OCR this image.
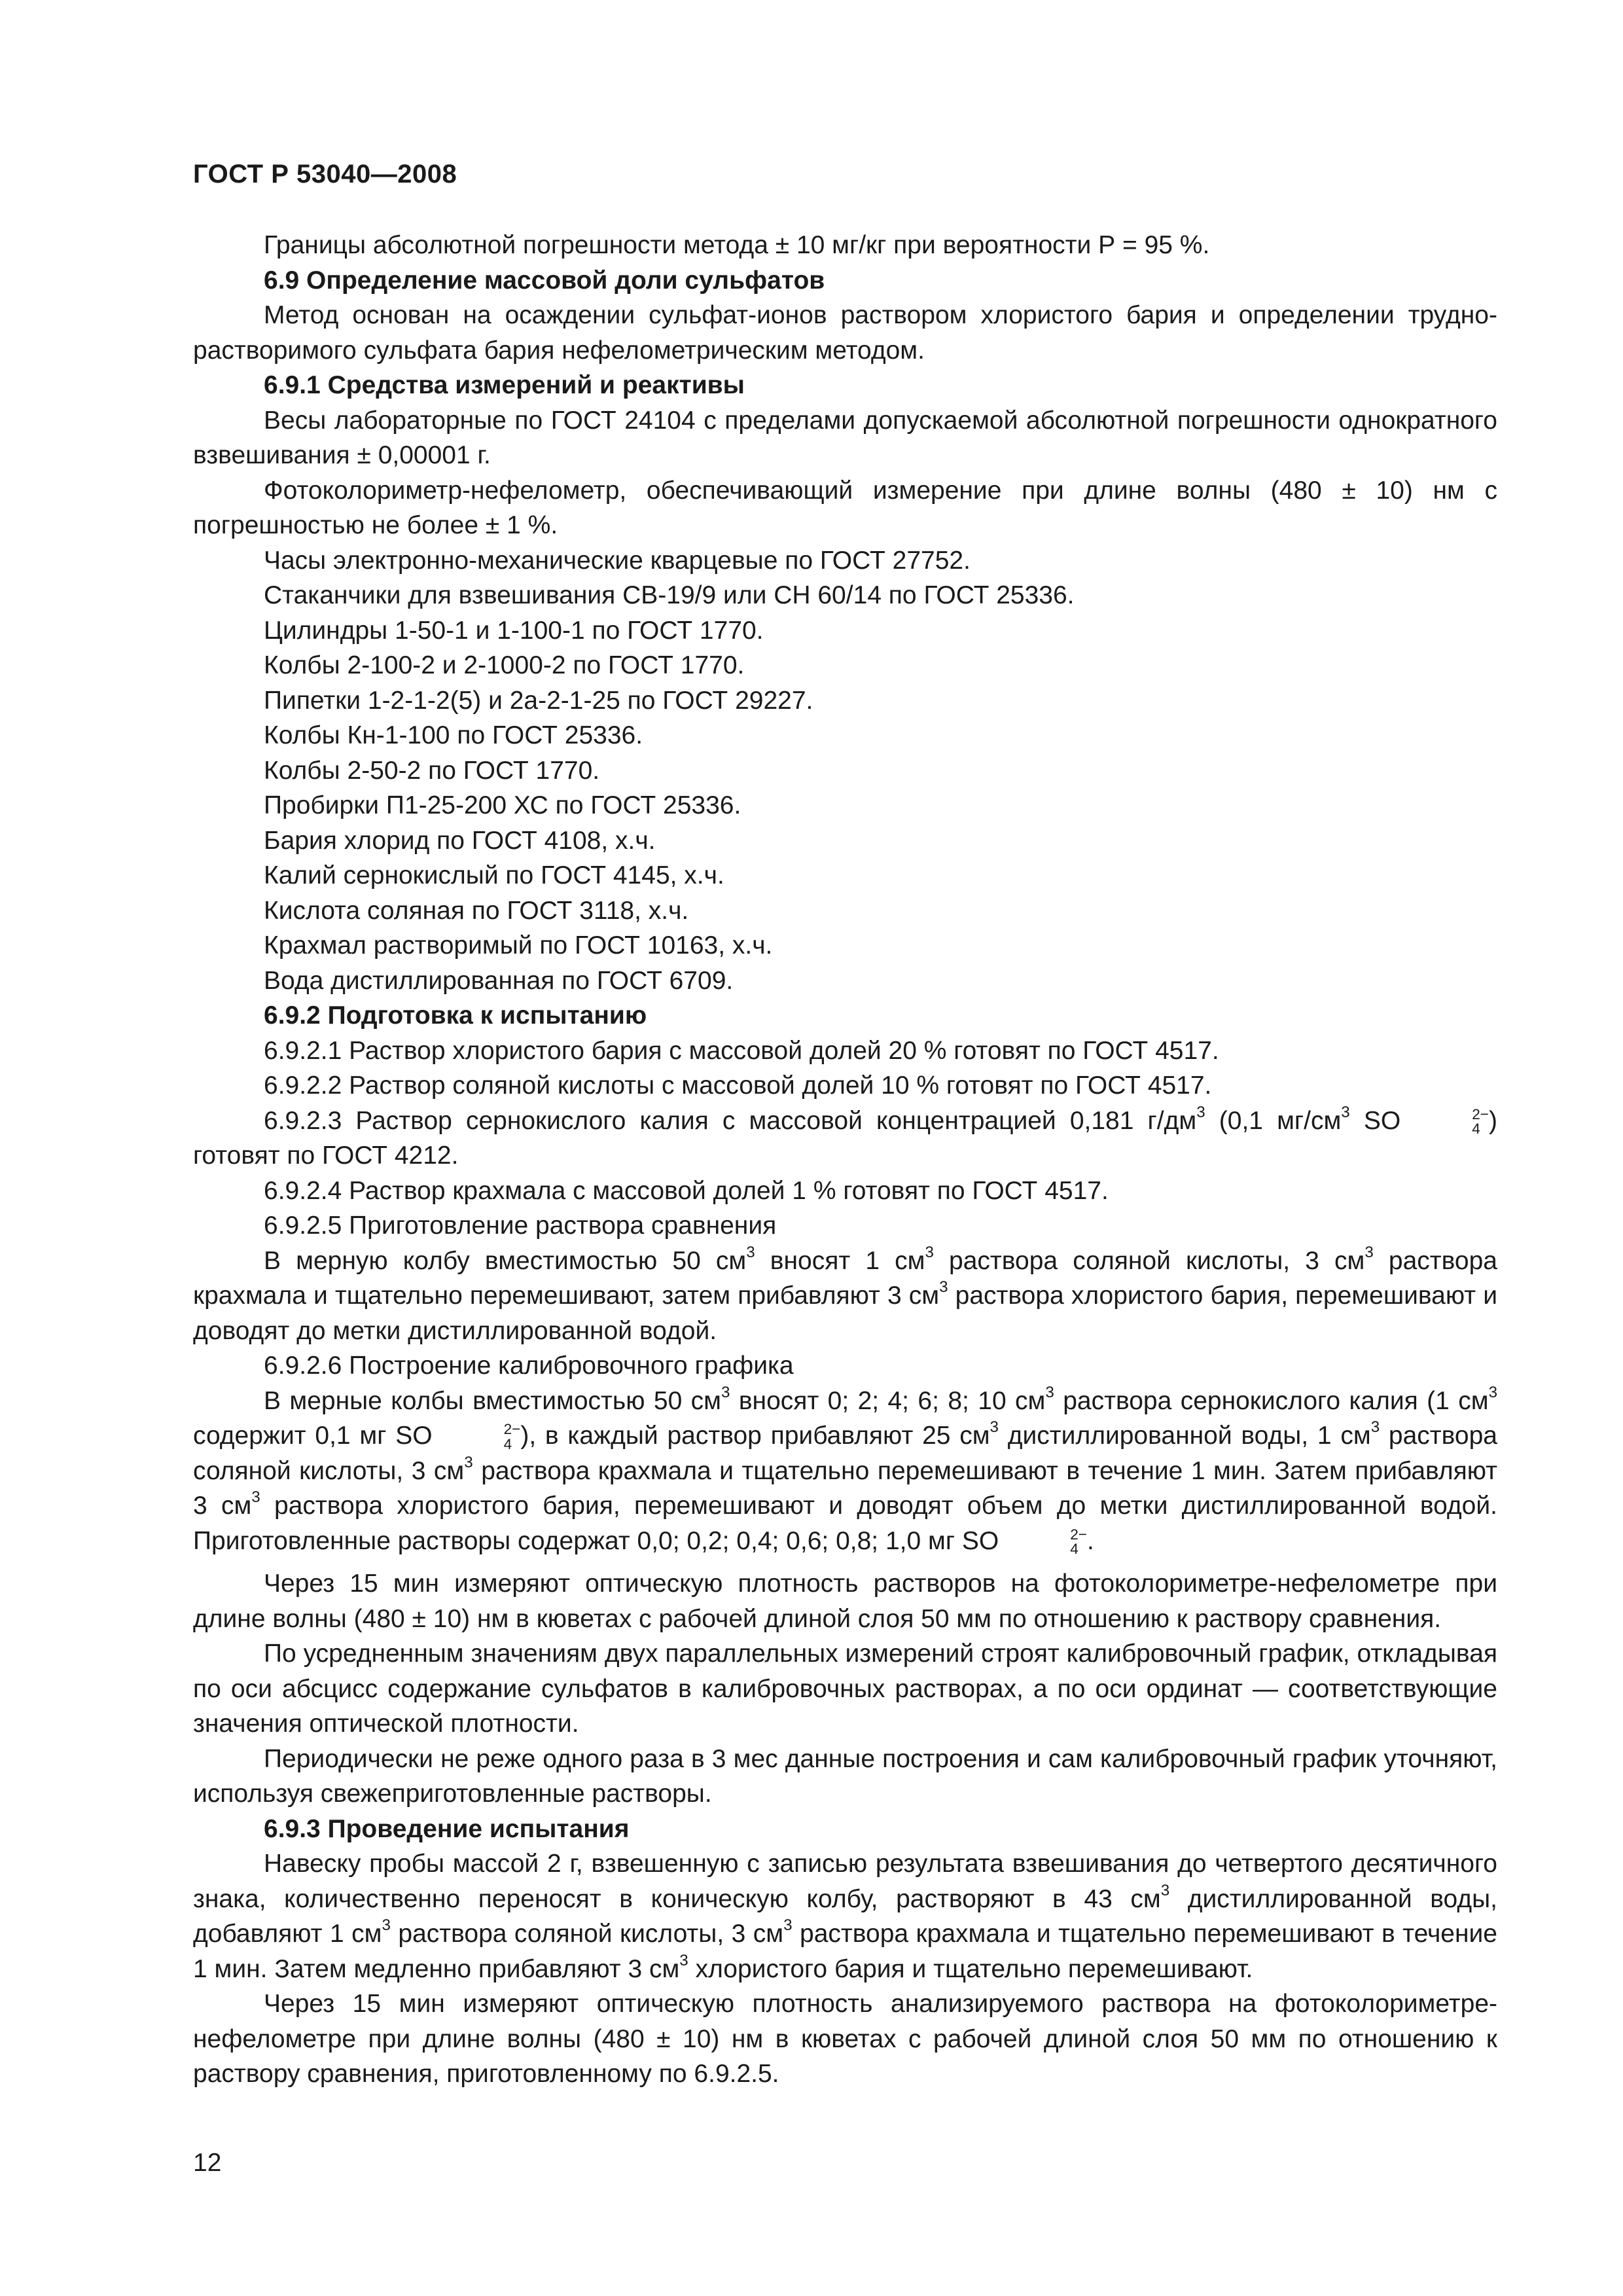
ГОСТ Р 53040—2008

Границы абсолютной погрешности метода ± 10 мг/кг при вероятности Р = 95 %.

6.9 Определение массовой доли сульфатов

Метод основан на осаждении сульфат-ионов раствором хлористого бария и определении трудно-растворимого сульфата бария нефелометрическим методом.

6.9.1 Средства измерений и реактивы

Весы лабораторные по ГОСТ 24104 с пределами допускаемой абсолютной погрешности однократного взвешивания ± 0,00001 г.

Фотоколориметр-нефелометр, обеспечивающий измерение при длине волны (480 ± 10) нм с погрешностью не более ± 1 %.

Часы электронно-механические кварцевые по ГОСТ 27752.

Стаканчики для взвешивания СВ-19/9 или СН 60/14 по ГОСТ 25336.

Цилиндры 1-50-1 и 1-100-1 по ГОСТ 1770.

Колбы 2-100-2 и 2-1000-2 по ГОСТ 1770.

Пипетки 1-2-1-2(5) и 2а-2-1-25 по ГОСТ 29227.

Колбы Кн-1-100 по ГОСТ 25336.

Колбы 2-50-2 по ГОСТ 1770.

Пробирки П1-25-200 ХС по ГОСТ 25336.

Бария хлорид по ГОСТ 4108, х.ч.

Калий сернокислый по ГОСТ 4145, х.ч.

Кислота соляная по ГОСТ 3118, х.ч.

Крахмал растворимый по ГОСТ 10163, х.ч.

Вода дистиллированная по ГОСТ 6709.

6.9.2 Подготовка к испытанию

6.9.2.1 Раствор хлористого бария с массовой долей 20 % готовят по ГОСТ 4517.

6.9.2.2 Раствор соляной кислоты с массовой долей 10 % готовят по ГОСТ 4517.

6.9.2.3 Раствор сернокислого калия с массовой концентрацией 0,181 $г/дм^3$ (0,1 $мг/см^3$ SO	2−
4 ) готовят по ГОСТ 4212.

6.9.2.4 Раствор крахмала с массовой долей 1 % готовят по ГОСТ 4517.

6.9.2.5 Приготовление раствора сравнения

В мерную колбу вместимостью 50 $см^3$ вносят 1 $см^3$ раствора соляной кислоты, 3 $см^3$ раствора крахмала и тщательно перемешивают, затем прибавляют 3 $см^3$ раствора хлористого бария, перемешивают и доводят до метки дистиллированной водой.

6.9.2.6 Построение калибровочного графика

В мерные колбы вместимостью 50 $см^3$ вносят 0; 2; 4; 6; 8; 10 $см^3$ раствора сернокислого калия (1 $см^3$ содержит 0,1 мг SO	2−
4 ), в каждый раствор прибавляют 25 $см^3$ дистиллированной воды, 1 $см^3$ раствора соляной кислоты, 3 $см^3$ раствора крахмала и тщательно перемешивают в течение 1 мин. Затем прибавляют 3 $см^3$ раствора хлористого бария, перемешивают и доводят объем до метки дистиллированной водой. Приготовленные растворы содержат 0,0; 0,2; 0,4; 0,6; 0,8; 1,0 мг SO	2−
4 .

Через 15 мин измеряют оптическую плотность растворов на фотоколориметре-нефелометре при длине волны (480 ± 10) нм в кюветах с рабочей длиной слоя 50 мм по отношению к раствору сравнения.

По усредненным значениям двух параллельных измерений строят калибровочный график, откладывая по оси абсцисс содержание сульфатов в калибровочных растворах, а по оси ординат — соответствующие значения оптической плотности.

Периодически не реже одного раза в 3 мес данные построения и сам калибровочный график уточняют, используя свежеприготовленные растворы.

6.9.3 Проведение испытания

Навеску пробы массой 2 г, взвешенную с записью результата взвешивания до четвертого десятичного знака, количественно переносят в коническую колбу, растворяют в 43 $см^3$ дистиллированной воды, добавляют 1 $см^3$ раствора соляной кислоты, 3 $см^3$ раствора крахмала и тщательно перемешивают в течение 1 мин. Затем медленно прибавляют 3 $см^3$ хлористого бария и тщательно перемешивают.

Через 15 мин измеряют оптическую плотность анализируемого раствора на фотоколориметре-нефелометре при длине волны (480 ± 10) нм в кюветах с рабочей длиной слоя 50 мм по отношению к раствору сравнения, приготовленному по 6.9.2.5.

12
